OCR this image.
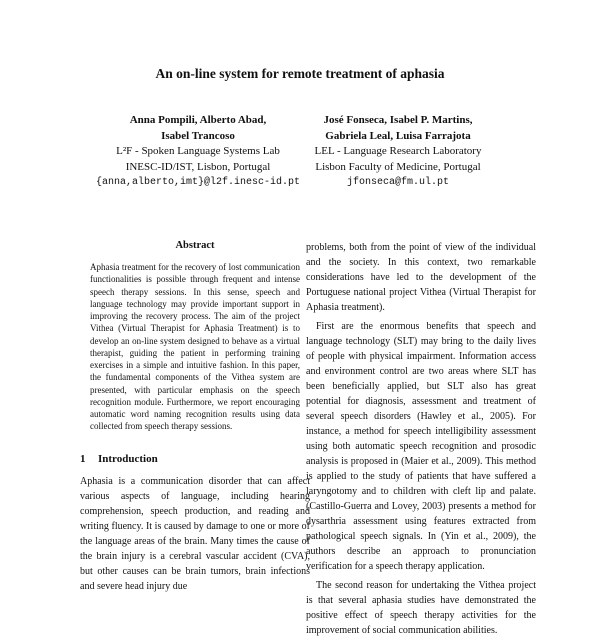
An on-line system for remote treatment of aphasia
Anna Pompili, Alberto Abad,
Isabel Trancoso
L²F - Spoken Language Systems Lab
INESC-ID/IST, Lisbon, Portugal
{anna,alberto,imt}@l2f.inesc-id.pt
José Fonseca, Isabel P. Martins,
Gabriela Leal, Luisa Farrajota
LEL - Language Research Laboratory
Lisbon Faculty of Medicine, Portugal
jfonseca@fm.ul.pt
Abstract

Aphasia treatment for the recovery of lost communication functionalities is possible through frequent and intense speech therapy sessions. In this sense, speech and language technology may provide important support in improving the recovery process. The aim of the project Vithea (Virtual Therapist for Aphasia Treatment) is to develop an on-line system designed to behave as a virtual therapist, guiding the patient in performing training exercises in a simple and intuitive fashion. In this paper, the fundamental components of the Vithea system are presented, with particular emphasis on the speech recognition module. Furthermore, we report encouraging automatic word naming recognition results using data collected from speech therapy sessions.

1 Introduction

Aphasia is a communication disorder that can affect various aspects of language, including hearing comprehension, speech production, and reading and writing fluency. It is caused by damage to one or more of the language areas of the brain. Many times the cause of the brain injury is a cerebral vascular accident (CVA), but other causes can be brain tumors, brain infections and severe head injury due

problems, both from the point of view of the individual and the society. In this context, two remarkable considerations have led to the development of the Portuguese national project Vithea (Virtual Therapist for Aphasia treatment).

First are the enormous benefits that speech and language technology (SLT) may bring to the daily lives of people with physical impairment. Information access and environment control are two areas where SLT has been beneficially applied, but SLT also has great potential for diagnosis, assessment and treatment of several speech disorders (Hawley et al., 2005). For instance, a method for speech intelligibility assessment using both automatic speech recognition and prosodic analysis is proposed in (Maier et al., 2009). This method is applied to the study of patients that have suffered a laryngotomy and to children with cleft lip and palate. (Castillo-Guerra and Lovey, 2003) presents a method for dysarthria assessment using features extracted from pathological speech signals. In (Yin et al., 2009), the authors describe an approach to pronunciation verification for a speech therapy application.

The second reason for undertaking the Vithea project is that several aphasia studies have demonstrated the positive effect of speech therapy activities for the improvement of social communication abilities.
